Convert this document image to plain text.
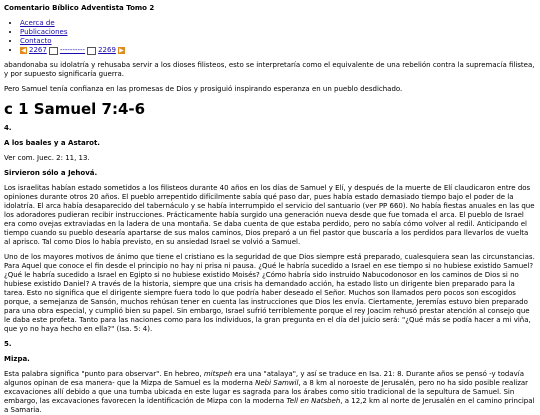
Comentario Bíblico Adventista Tomo 2
• Acerca de
• Publicaciones
• Contacto
• ◀ 2267 ---------- 2269 ▶

abandonaba su idolatría y rehusaba servir a los dioses filisteos, esto se interpretaría como el equivalente de una rebelión contra la supremacía filistea, y por supuesto significaría guerra.

Pero Samuel tenía confianza en las promesas de Dios y prosiguió inspirando esperanza en un pueblo desdichado.

c 1 Samuel 7:4-6
4.
A los baales y a Astarot.

Ver com. Juec. 2: 11, 13.

Sirvieron sólo a Jehová.

Los israelitas habían estado sometidos a los filisteos durante 40 años en los días de Samuel y Elí, y después de la muerte de Elí claudicaron entre dos opiniones durante otros 20 años. El pueblo arrepentido difícilmente sabía qué paso dar, pues había estado demasiado tiempo bajo el poder de la idolatría. El arca había desaparecido del tabernáculo y se había interrumpido el servicio del santuario (ver PP 660). No había fiestas anuales en las que los adoradores pudieran recibir instrucciones. Prácticamente había surgido una generación nueva desde que fue tomada el arca. El pueblo de Israel era como ovejas extraviadas en la ladera de una montaña. Se daba cuenta de que estaba perdido, pero no sabía cómo volver al redil. Anticipando el tiempo cuando su pueblo desearía apartarse de sus malos caminos, Dios preparó a un fiel pastor que buscaría a los perdidos para llevarlos de vuelta al aprisco. Tal como Dios lo había previsto, en su ansiedad Israel se volvió a Samuel.

Uno de los mayores motivos de ánimo que tiene el cristiano es la seguridad de que Dios siempre está preparado, cualesquiera sean las circunstancias. Para Aquel que conoce el fin desde el principio no hay ni prisa ni pausa. ¿Qué le habría sucedido a Israel en ese tiempo si no hubiese existido Samuel? ¿Qué le habría sucedido a Israel en Egipto si no hubiese existido Moisés? ¿Cómo habría sido instruido Nabucodonosor en los caminos de Dios si no hubiese existido Daniel? A través de la historia, siempre que una crisis ha demandado acción, ha estado listo un dirigente bien preparado para la tarea. Esto no significa que el dirigente siempre fuera todo lo que podría haber deseado el Señor. Muchos son llamados pero pocos son escogidos porque, a semejanza de Sansón, muchos rehúsan tener en cuenta las instrucciones que Dios les envía. Ciertamente, Jeremías estuvo bien preparado para una obra especial, y cumplió bien su papel. Sin embargo, Israel sufrió terriblemente porque el rey Joacim rehusó prestar atención al consejo que le daba este profeta. Tanto para las naciones como para los individuos, la gran pregunta en el día del juicio será: "¿Qué más se podía hacer a mi viña, que yo no haya hecho en ella?" (Isa. 5: 4).

5.
Mizpa.

Esta palabra significa "punto para observar". En hebreo, mitspeh era una "atalaya", y así se traduce en Isa. 21: 8. Durante años se pensó -y todavía algunos opinan de esa manera- que la Mizpa de Samuel es la moderna Nebi Samwil, a 8 km al noroeste de Jerusalén, pero no ha sido posible realizar excavaciones allí debido a que una tumba ubicada en este lugar es sagrada para los árabes como sitio tradicional de la sepultura de Samuel. Sin embargo, las excavaciones favorecen la identificación de Mizpa con la moderna Tell en Natsbeh, a 12,2 km al norte de Jerusalén en el camino principal a Samaria.
